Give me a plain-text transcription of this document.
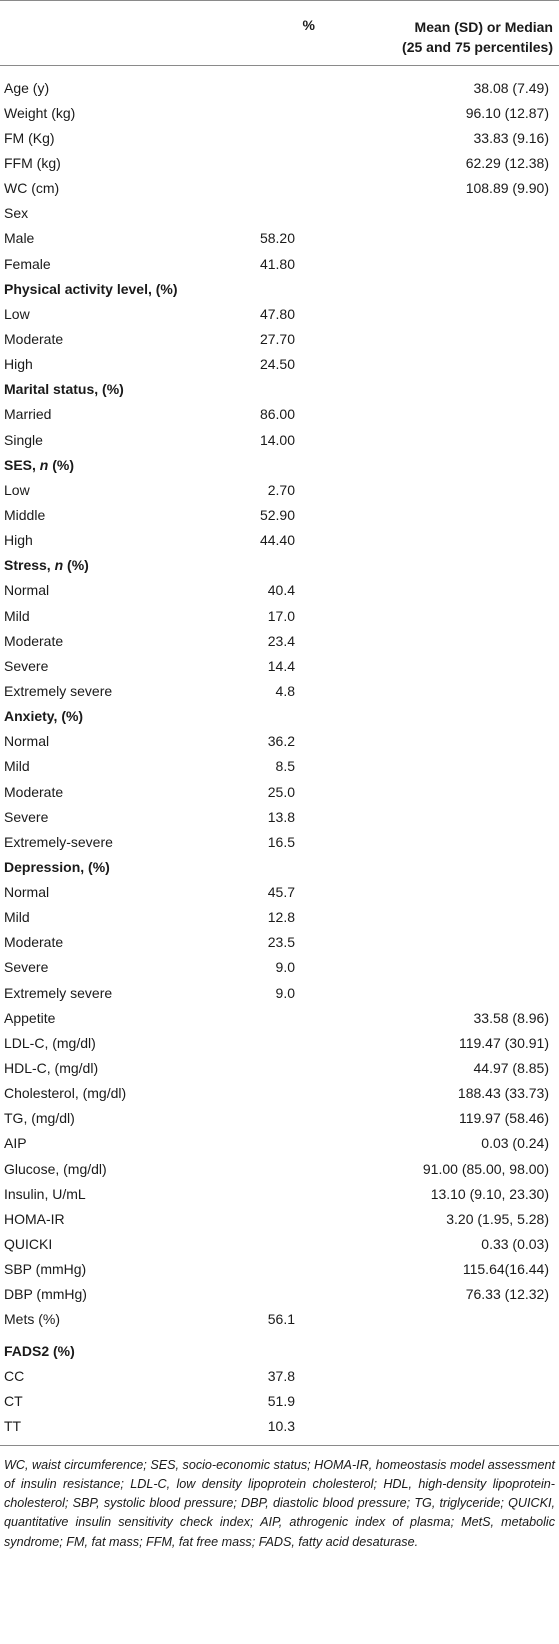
%	Mean (SD) or Median
(25 and 75 percentiles)
Age (y)	38.08 (7.49)
Weight (kg)	96.10 (12.87)
FM (Kg)	33.83 (9.16)
FFM (kg)	62.29 (12.38)
WC (cm)	108.89 (9.90)
Sex
Male	58.20
Female	41.80
Physical activity level, (%)
Low	47.80
Moderate	27.70
High	24.50
Marital status, (%)
Married	86.00
Single	14.00
SES, n (%)
Low	2.70
Middle	52.90
High	44.40
Stress, n (%)
Normal	40.4
Mild	17.0
Moderate	23.4
Severe	14.4
Extremely severe	4.8
Anxiety, (%)
Normal	36.2
Mild	8.5
Moderate	25.0
Severe	13.8
Extremely-severe	16.5
Depression, (%)
Normal	45.7
Mild	12.8
Moderate	23.5
Severe	9.0
Extremely severe	9.0
Appetite	33.58 (8.96)
LDL-C, (mg/dl)	119.47 (30.91)
HDL-C, (mg/dl)	44.97 (8.85)
Cholesterol, (mg/dl)	188.43 (33.73)
TG, (mg/dl)	119.97 (58.46)
AIP	0.03 (0.24)
Glucose, (mg/dl)	91.00 (85.00, 98.00)
Insulin, U/mL	13.10 (9.10, 23.30)
HOMA-IR	3.20 (1.95, 5.28)
QUICKI	0.33 (0.03)
SBP (mmHg)	115.64(16.44)
DBP (mmHg)	76.33 (12.32)
Mets (%)	56.1
FADS2 (%)
CC	37.8
CT	51.9
TT	10.3
WC, waist circumference; SES, socio-economic status; HOMA-IR, homeostasis model assessment of insulin resistance; LDL-C, low density lipoprotein cholesterol; HDL, high-density lipoprotein-cholesterol; SBP, systolic blood pressure; DBP, diastolic blood pressure; TG, triglyceride; QUICKI, quantitative insulin sensitivity check index; AIP, athrogenic index of plasma; MetS, metabolic syndrome; FM, fat mass; FFM, fat free mass; FADS, fatty acid desaturase.
